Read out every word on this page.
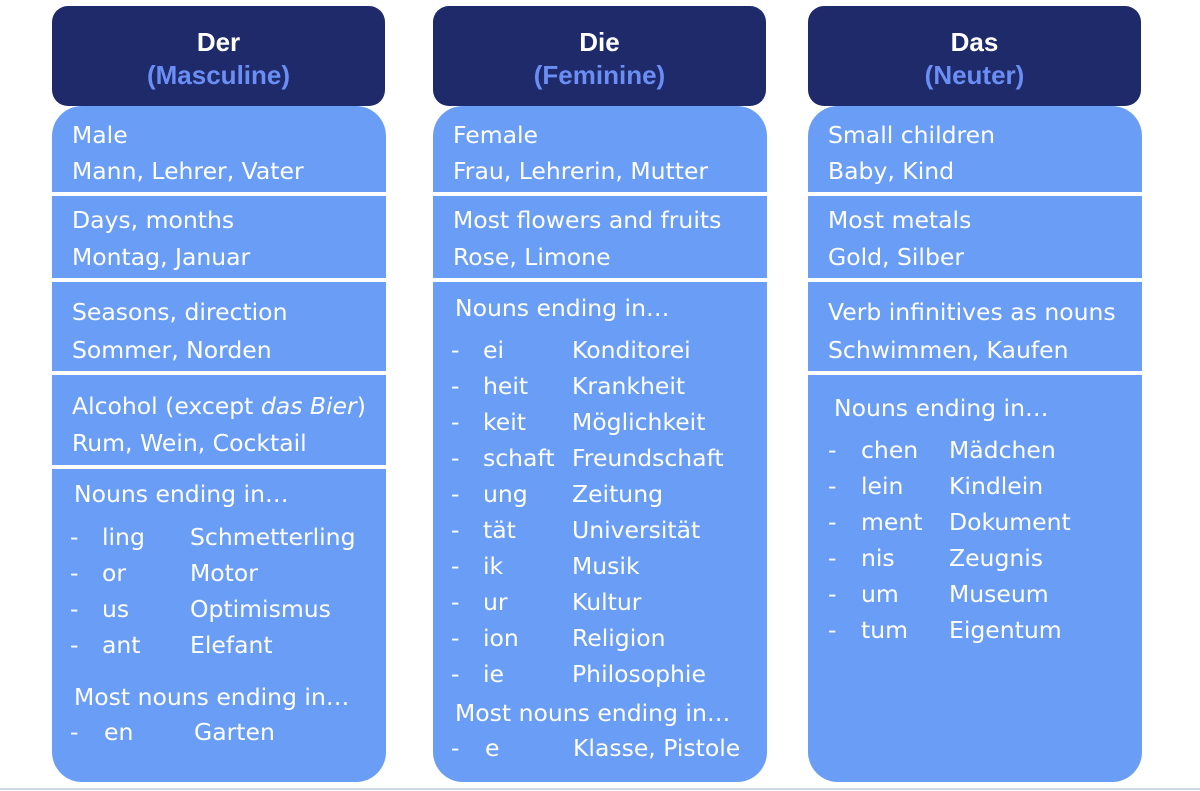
Der
(Masculine)
Male
Mann, Lehrer, Vater
Days, months
Montag, Januar
Seasons, direction
Sommer, Norden
Alcohol (except das Bier)
Rum, Wein, Cocktail
Nouns ending in…
- ling Schmetterling
- or	Motor
- us	Optimismus
- ant Elefant
Most nouns ending in…
- en	Garten
Die
(Feminine)
Female
Frau, Lehrerin, Mutter
Most flowers and fruits
Rose, Limone
Nouns ending in…
- ei	Konditorei
- heit Krankheit
- keit Möglichkeit
- schaft Freundschaft
- ung Zeitung
- tät Universität
- ik	Musik
- ur	Kultur
- ion Religion
- ie	Philosophie
Most nouns ending in…
- e	Klasse, Pistole
Das
(Neuter)
Small children
Baby, Kind
Most metals
Gold, Silber
Verb infinitives as nouns
Schwimmen, Kaufen
Nouns ending in…
- chen Mädchen
- lein Kindlein
- ment Dokument
- nis Zeugnis
- um Museum
- tum Eigentum
